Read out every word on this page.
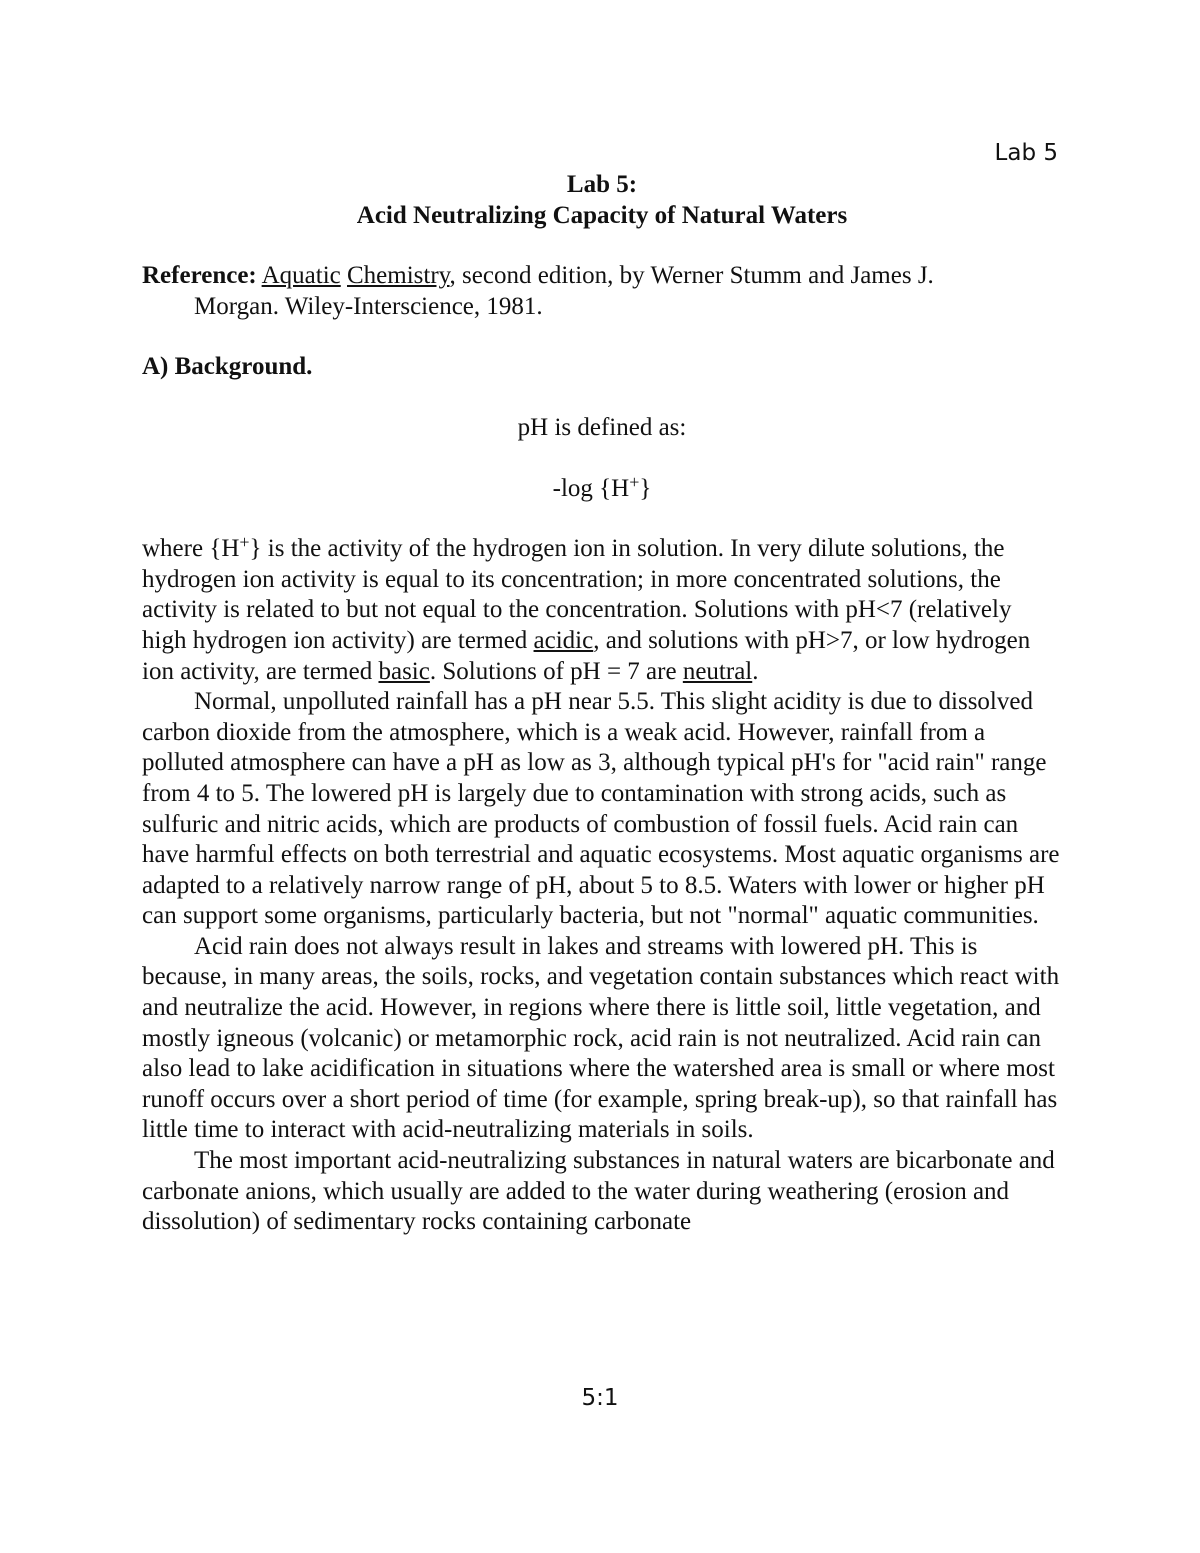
Lab 5

Lab 5:

Acid Neutralizing Capacity of Natural Waters

Reference: Aquatic Chemistry, second edition, by Werner Stumm and James J.

Morgan. Wiley-Interscience, 1981.

A) Background.

pH is defined as:

-log {H+}

where {H+} is the activity of the hydrogen ion in solution. In very dilute solutions, the hydrogen ion activity is equal to its concentration; in more concentrated solutions, the activity is related to but not equal to the concentration. Solutions with pH<7 (relatively high hydrogen ion activity) are termed acidic, and solutions with pH>7, or low hydrogen ion activity, are termed basic. Solutions of pH = 7 are neutral.

Normal, unpolluted rainfall has a pH near 5.5. This slight acidity is due to dissolved carbon dioxide from the atmosphere, which is a weak acid. However, rainfall from a polluted atmosphere can have a pH as low as 3, although typical pH's for "acid rain" range from 4 to 5. The lowered pH is largely due to contamination with strong acids, such as sulfuric and nitric acids, which are products of combustion of fossil fuels. Acid rain can have harmful effects on both terrestrial and aquatic ecosystems. Most aquatic organisms are adapted to a relatively narrow range of pH, about 5 to 8.5. Waters with lower or higher pH can support some organisms, particularly bacteria, but not "normal" aquatic communities.

Acid rain does not always result in lakes and streams with lowered pH. This is because, in many areas, the soils, rocks, and vegetation contain substances which react with and neutralize the acid. However, in regions where there is little soil, little vegetation, and mostly igneous (volcanic) or metamorphic rock, acid rain is not neutralized. Acid rain can also lead to lake acidification in situations where the watershed area is small or where most runoff occurs over a short period of time (for example, spring break-up), so that rainfall has little time to interact with acid-neutralizing materials in soils.

The most important acid-neutralizing substances in natural waters are bicarbonate and carbonate anions, which usually are added to the water during weathering (erosion and dissolution) of sedimentary rocks containing carbonate

5:1
